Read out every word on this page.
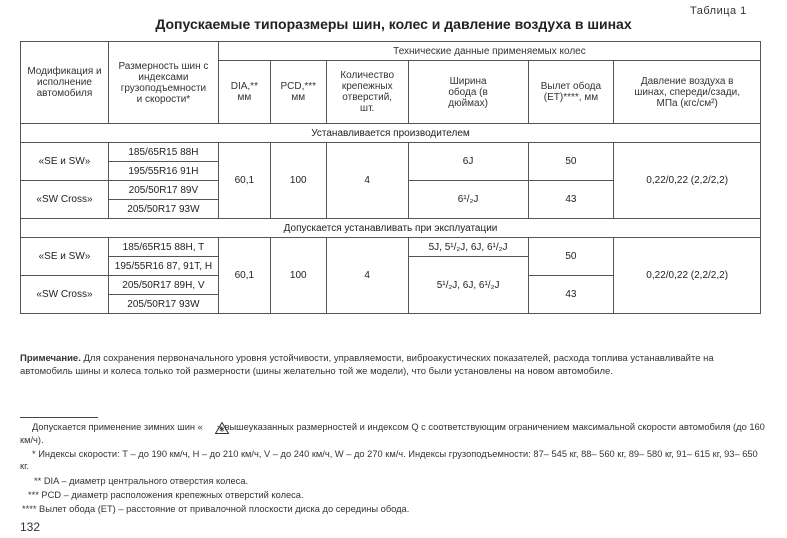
Таблица 1
Допускаемые типоразмеры шин, колес и давление воздуха в шинах
Модификация и исполнение автомобиля	Размерность шин с индексами грузоподъемности и скорости*	Технические данные применяемых колес					
		DIA,** мм	PCD,*** мм	Количество крепежных отверстий, шт.	Ширина обода (в дюймах)	Вылет обода (ЕТ)****, мм	Давление воздуха в шинах, спереди/сзади, МПа (кгс/см²)
Устанавливается производителем							
«SE и SW»	185/65R15 88H	60,1	100	4	6J	50	0,22/0,22 (2,2/2,2)
	195/55R16 91H						
«SW Cross»	205/50R17 89V				6¹/₂J	43	
	205/50R17 93W						
Допускается устанавливать при эксплуатации							
«SE и SW»	185/65R15 88H, T	60,1	100	4	5J, 5¹/₂J, 6J, 6¹/₂J	50	0,22/0,22 (2,2/2,2)
	195/55R16 87, 91T, H				5¹/₂J, 6J, 6¹/₂J		
«SW Cross»	205/50R17 89H, V					43	
	205/50R17 93W						
Примечание. Для сохранения первоначального уровня устойчивости, управляемости, виброакустических показателей, расхода топлива устанавливайте на автомобиль шины и колеса только той размерности (шины желательно той же модели), что были установлены на новом автомобиле.
Допускается применение зимних шин « » вышеуказанных размерностей и индексом Q с соответствующим ограничением максимальной скорости автомобиля (до 160 км/ч).
* Индексы скорости: Т – до 190 км/ч, Н – до 210 км/ч, V – до 240 км/ч, W – до 270 км/ч. Индексы грузоподъемности: 87– 545 кг, 88– 560 кг, 89– 580 кг, 91– 615 кг, 93– 650 кг.
** DIA – диаметр центрального отверстия колеса.
*** PCD – диаметр расположения крепежных отверстий колеса.
**** Вылет обода (ET) – расстояние от привалочной плоскости диска до середины обода.
132
